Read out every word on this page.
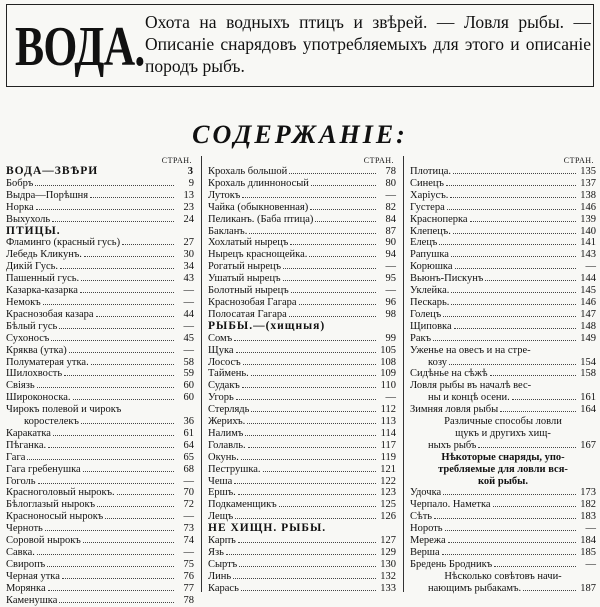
ВОДА. Охота на водныхъ птицъ и звѣрей. — Ловля рыбы. — Описаніе снарядовъ употребляемыхъ для этого и описаніе породъ рыбъ.
СОДЕРЖАНІЕ:
СТРАН.
ВОДА—ЗВѢРИ	3
Бобръ	9
Выдра—Порѣшня	13
Норка	23
Выхухоль	24
ПТИЦЫ.
Фламинго (красный гусь)	27
Лебедь Кликунъ.	30
Дикій Гусь.	34
Пашенный гусь.	43
Казарка-казарка	—
Немокъ	—
Краснозобая казара	44
Бѣлый гусь	—
Сухоносъ	45
Кряква (утка)	—
Полуматерая утка.	58
Шилохвость	59
Свіязь	60
Широконоска.	60
Чирокъ полевой и чирокъ
коростелекъ	36
Каракатка	61
Пѣганка.	64
Гага	65
Гага гребенушка	68
Гоголь	—
Красноголовый нырокъ.	70
Бѣлоглазый нырокъ	72
Красноносый нырокъ	—
Черноть	73
Соровой нырокъ	74
Савка.	—
Свиропъ	75
Черная утка	76
Морянка	77
Каменушка	78
СТРАН.
Крохаль большой	78
Крохаль длинноносый	80
Лутокъ	—
Чайка (обыкновенная)	82
Пеликанъ. (Баба птица)	84
Бакланъ.	87
Хохлатый нырецъ	90
Нырецъ краснощейка.	94
Рогатый нырецъ	—
Ушатый нырецъ	95
Болотный нырецъ	—
Краснозобая Гагара	96
Полосатая Гагара	98
РЫБЫ.—(хищныя)
Сомъ	99
Щука	105
Лососъ	108
Таймень.	109
Судакъ	110
Угорь	—
Стерлядь	112
Жерихъ.	113
Налимъ	114
Голавль.	117
Окунь.	119
Пеструшка.	121
Чеша	122
Ершъ.	123
Подкаменщикъ	125
Лещъ	126
НЕ ХИЩН. РЫБЫ.
Карпъ	127
Язь	129
Сыртъ	130
Линь	132
Карась	133
СТРАН.
Плотица.	135
Синецъ	137
Харіусъ.	138
Густера	146
Красноперка	139
Клепецъ.	140
Елецъ	141
Рапушка	143
Корюшка	—
Вьюнъ-Пискунъ	144
Уклейка.	145
Пескарь.	146
Голецъ	147
Щиповка	148
Ракъ	149
Уженье на овесъ и на стре-
козу	154
Сидѣнье на сѣжѣ	158
Ловля рыбы въ началѣ вес-
ны и концѣ осени.	161
Зимняя ловля рыбы	164
Различные способы ловли
щукъ и другихъ хищ-
ныхъ рыбъ	167
Нѣкоторые снаряды, упо-
требляемые для ловли вся-
кой рыбы.
Удочка	173
Черпало. Наметка	182
Сѣть	183
Нороть	—
Мережа	184
Верша	185
Бредень Бродникъ	—
Нѣсколько совѣтовъ начи-
нающимъ рыбакамъ.	187
